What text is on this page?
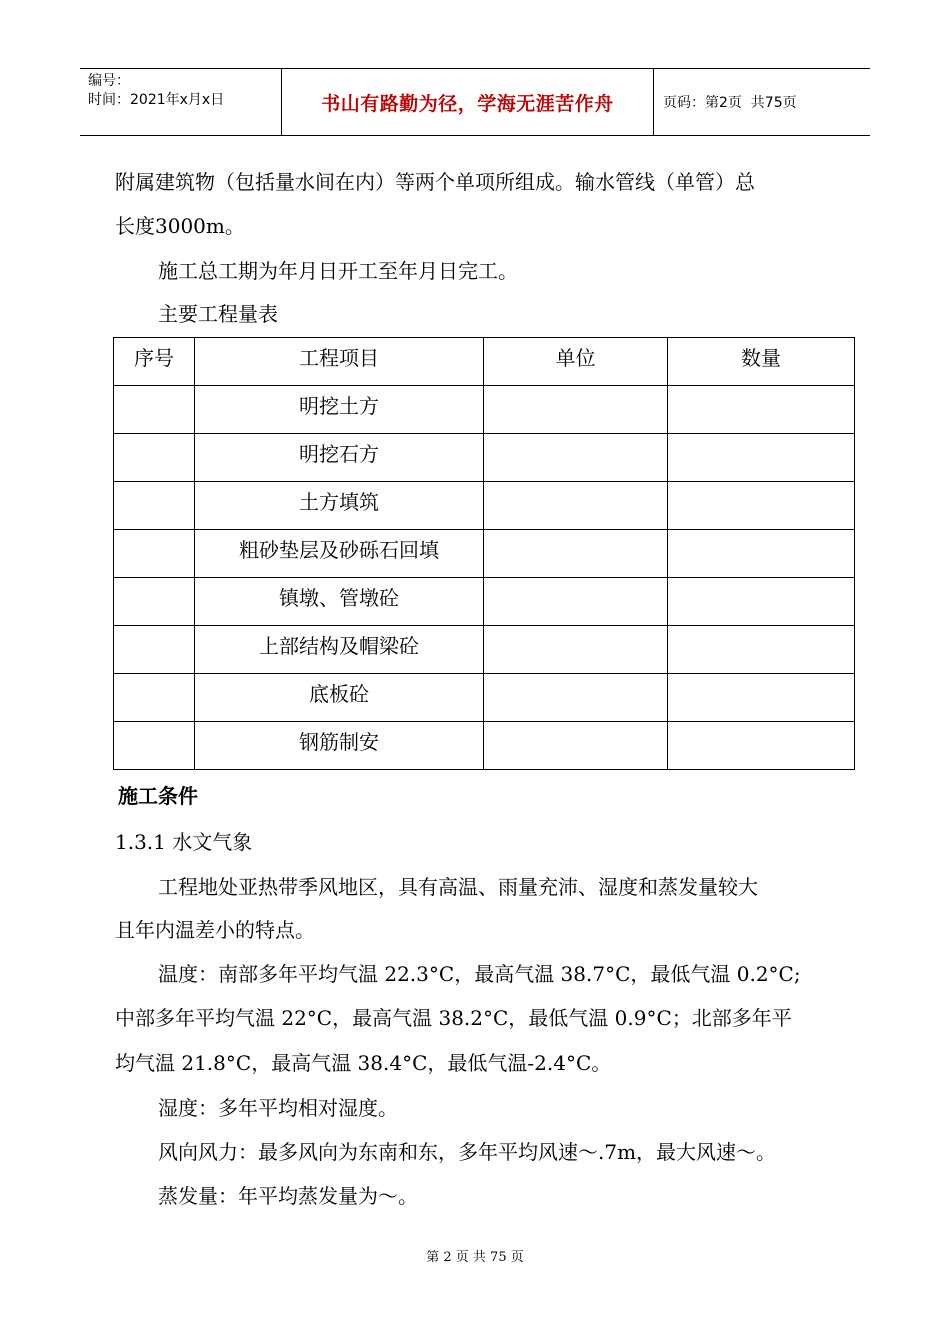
编号：
时间：2021年x月x日	书山有路勤为径，学海无涯苦作舟	页码：第2页  共75页
附属建筑物（包括量水间在内）等两个单项所组成。输水管线（单管）总
长度3000m。
施工总工期为年月日开工至年月日完工。
主要工程量表
序号	工程项目	单位	数量
	明挖土方		
	明挖石方		
	土方填筑		
	粗砂垫层及砂砾石回填		
	镇墩、管墩砼		
	上部结构及帽梁砼		
	底板砼		
	钢筋制安		
施工条件
1.3.1 水文气象
工程地处亚热带季风地区，具有高温、雨量充沛、湿度和蒸发量较大
且年内温差小的特点。
温度：南部多年平均气温 22.3°C，最高气温 38.7°C，最低气温 0.2°C;
中部多年平均气温 22°C，最高气温 38.2°C，最低气温 0.9°C；北部多年平
均气温 21.8°C，最高气温 38.4°C，最低气温-2.4°C。
湿度：多年平均相对湿度。
风向风力：最多风向为东南和东，多年平均风速～.7m，最大风速～。
蒸发量：年平均蒸发量为～。
第 2 页 共 75 页
